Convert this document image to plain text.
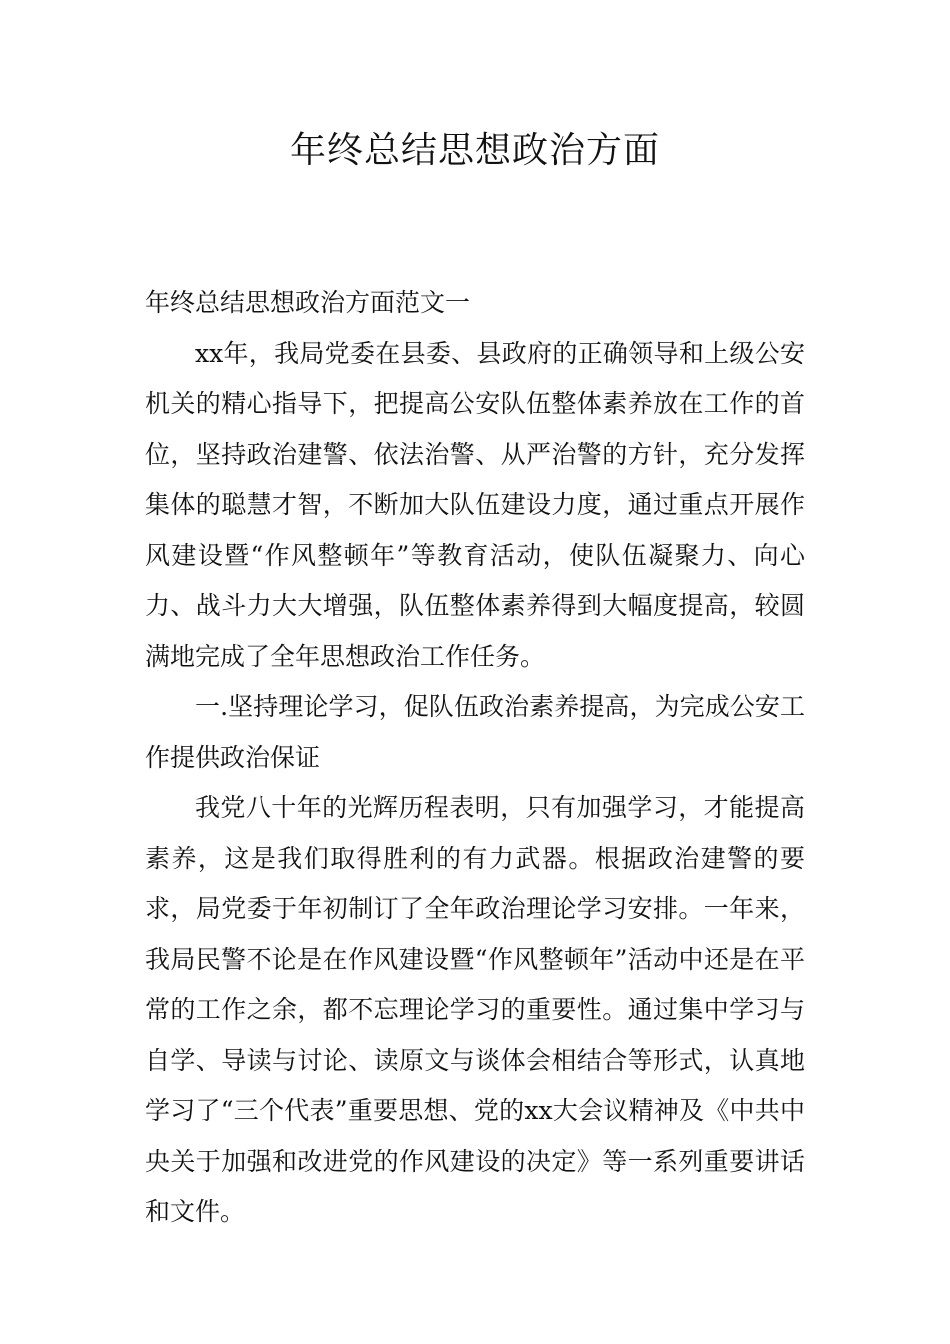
年终总结思想政治方面

年终总结思想政治方面范文一

xx年，我局党委在县委、县政府的正确领导和上级公安机关的精心指导下，把提高公安队伍整体素养放在工作的首位，坚持政治建警、依法治警、从严治警的方针，充分发挥集体的聪慧才智，不断加大队伍建设力度，通过重点开展作风建设暨“作风整顿年”等教育活动，使队伍凝聚力、向心力、战斗力大大增强，队伍整体素养得到大幅度提高，较圆满地完成了全年思想政治工作任务。

一.坚持理论学习，促队伍政治素养提高，为完成公安工作提供政治保证

我党八十年的光辉历程表明，只有加强学习，才能提高素养，这是我们取得胜利的有力武器。根据政治建警的要求，局党委于年初制订了全年政治理论学习安排。一年来，我局民警不论是在作风建设暨“作风整顿年”活动中还是在平常的工作之余，都不忘理论学习的重要性。通过集中学习与自学、导读与讨论、读原文与谈体会相结合等形式，认真地学习了“三个代表”重要思想、党的xx大会议精神及《中共中央关于加强和改进党的作风建设的决定》等一系列重要讲话和文件。
